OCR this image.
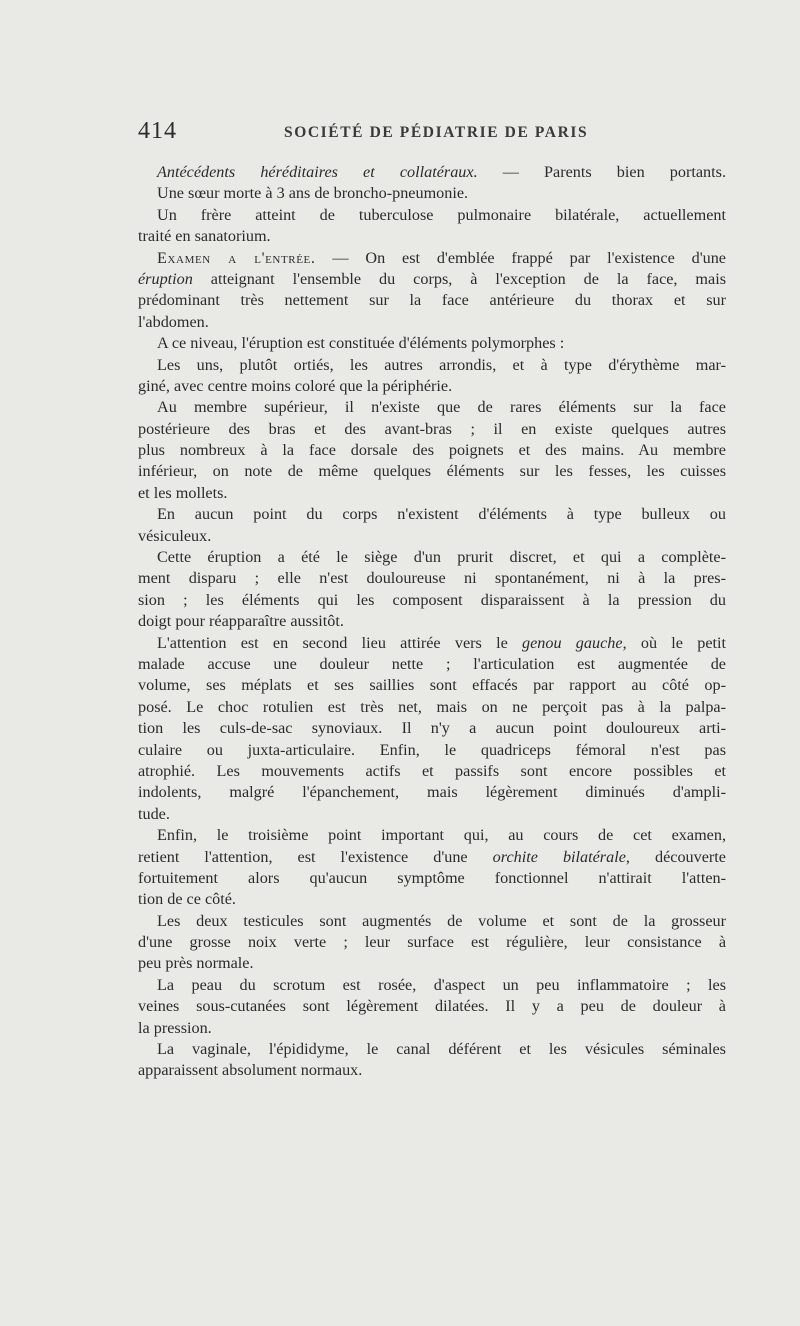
414	SOCIÉTÉ DE PÉDIATRIE DE PARIS
Antécédents héréditaires et collatéraux. — Parents bien portants.
Une sœur morte à 3 ans de broncho-pneumonie.
Un frère atteint de tuberculose pulmonaire bilatérale, actuellement
traité en sanatorium.
Examen a l'entrée. — On est d'emblée frappé par l'existence d'une
éruption atteignant l'ensemble du corps, à l'exception de la face, mais
prédominant très nettement sur la face antérieure du thorax et sur
l'abdomen.
A ce niveau, l'éruption est constituée d'éléments polymorphes :
Les uns, plutôt ortiés, les autres arrondis, et à type d'érythème mar-
giné, avec centre moins coloré que la périphérie.
Au membre supérieur, il n'existe que de rares éléments sur la face
postérieure des bras et des avant-bras ; il en existe quelques autres
plus nombreux à la face dorsale des poignets et des mains. Au membre
inférieur, on note de même quelques éléments sur les fesses, les cuisses
et les mollets.
En aucun point du corps n'existent d'éléments à type bulleux ou
vésiculeux.
Cette éruption a été le siège d'un prurit discret, et qui a complète-
ment disparu ; elle n'est douloureuse ni spontanément, ni à la pres-
sion ; les éléments qui les composent disparaissent à la pression du
doigt pour réapparaître aussitôt.
L'attention est en second lieu attirée vers le genou gauche, où le petit
malade accuse une douleur nette ; l'articulation est augmentée de
volume, ses méplats et ses saillies sont effacés par rapport au côté op-
posé. Le choc rotulien est très net, mais on ne perçoit pas à la palpa-
tion les culs-de-sac synoviaux. Il n'y a aucun point douloureux arti-
culaire ou juxta-articulaire. Enfin, le quadriceps fémoral n'est pas
atrophié. Les mouvements actifs et passifs sont encore possibles et
indolents, malgré l'épanchement, mais légèrement diminués d'ampli-
tude.
Enfin, le troisième point important qui, au cours de cet examen,
retient l'attention, est l'existence d'une orchite bilatérale, découverte
fortuitement alors qu'aucun symptôme fonctionnel n'attirait l'atten-
tion de ce côté.
Les deux testicules sont augmentés de volume et sont de la grosseur
d'une grosse noix verte ; leur surface est régulière, leur consistance à
peu près normale.
La peau du scrotum est rosée, d'aspect un peu inflammatoire ; les
veines sous-cutanées sont légèrement dilatées. Il y a peu de douleur à
la pression.
La vaginale, l'épididyme, le canal déférent et les vésicules séminales
apparaissent absolument normaux.
